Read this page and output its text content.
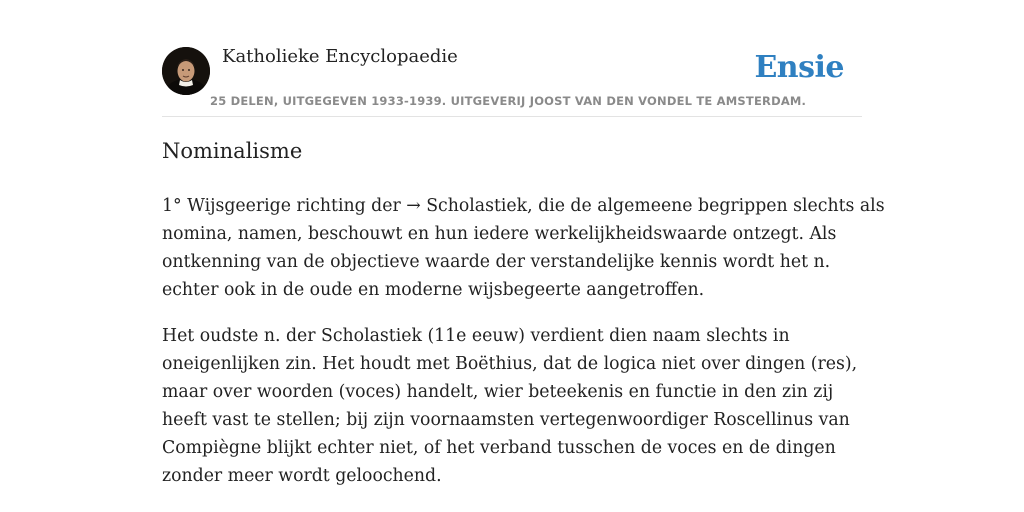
Katholieke Encyclopaedie
25 DELEN, UITGEGEVEN 1933-1939. UITGEVERIJ JOOST VAN DEN VONDEL TE AMSTERDAM.
Ensie
Nominalisme

1° Wijsgeerige richting der → Scholastiek, die de algemeene begrippen slechts als
nomina, namen, beschouwt en hun iedere werkelijkheidswaarde ontzegt. Als
ontkenning van de objectieve waarde der verstandelijke kennis wordt het n.
echter ook in de oude en moderne wijsbegeerte aangetroffen.

Het oudste n. der Scholastiek (11e eeuw) verdient dien naam slechts in
oneigenlijken zin. Het houdt met Boëthius, dat de logica niet over dingen (res),
maar over woorden (voces) handelt, wier beteekenis en functie in den zin zij
heeft vast te stellen; bij zijn voornaamsten vertegenwoordiger Roscellinus van
Compiègne blijkt echter niet, of het verband tusschen de voces en de dingen
zonder meer wordt geloochend.
